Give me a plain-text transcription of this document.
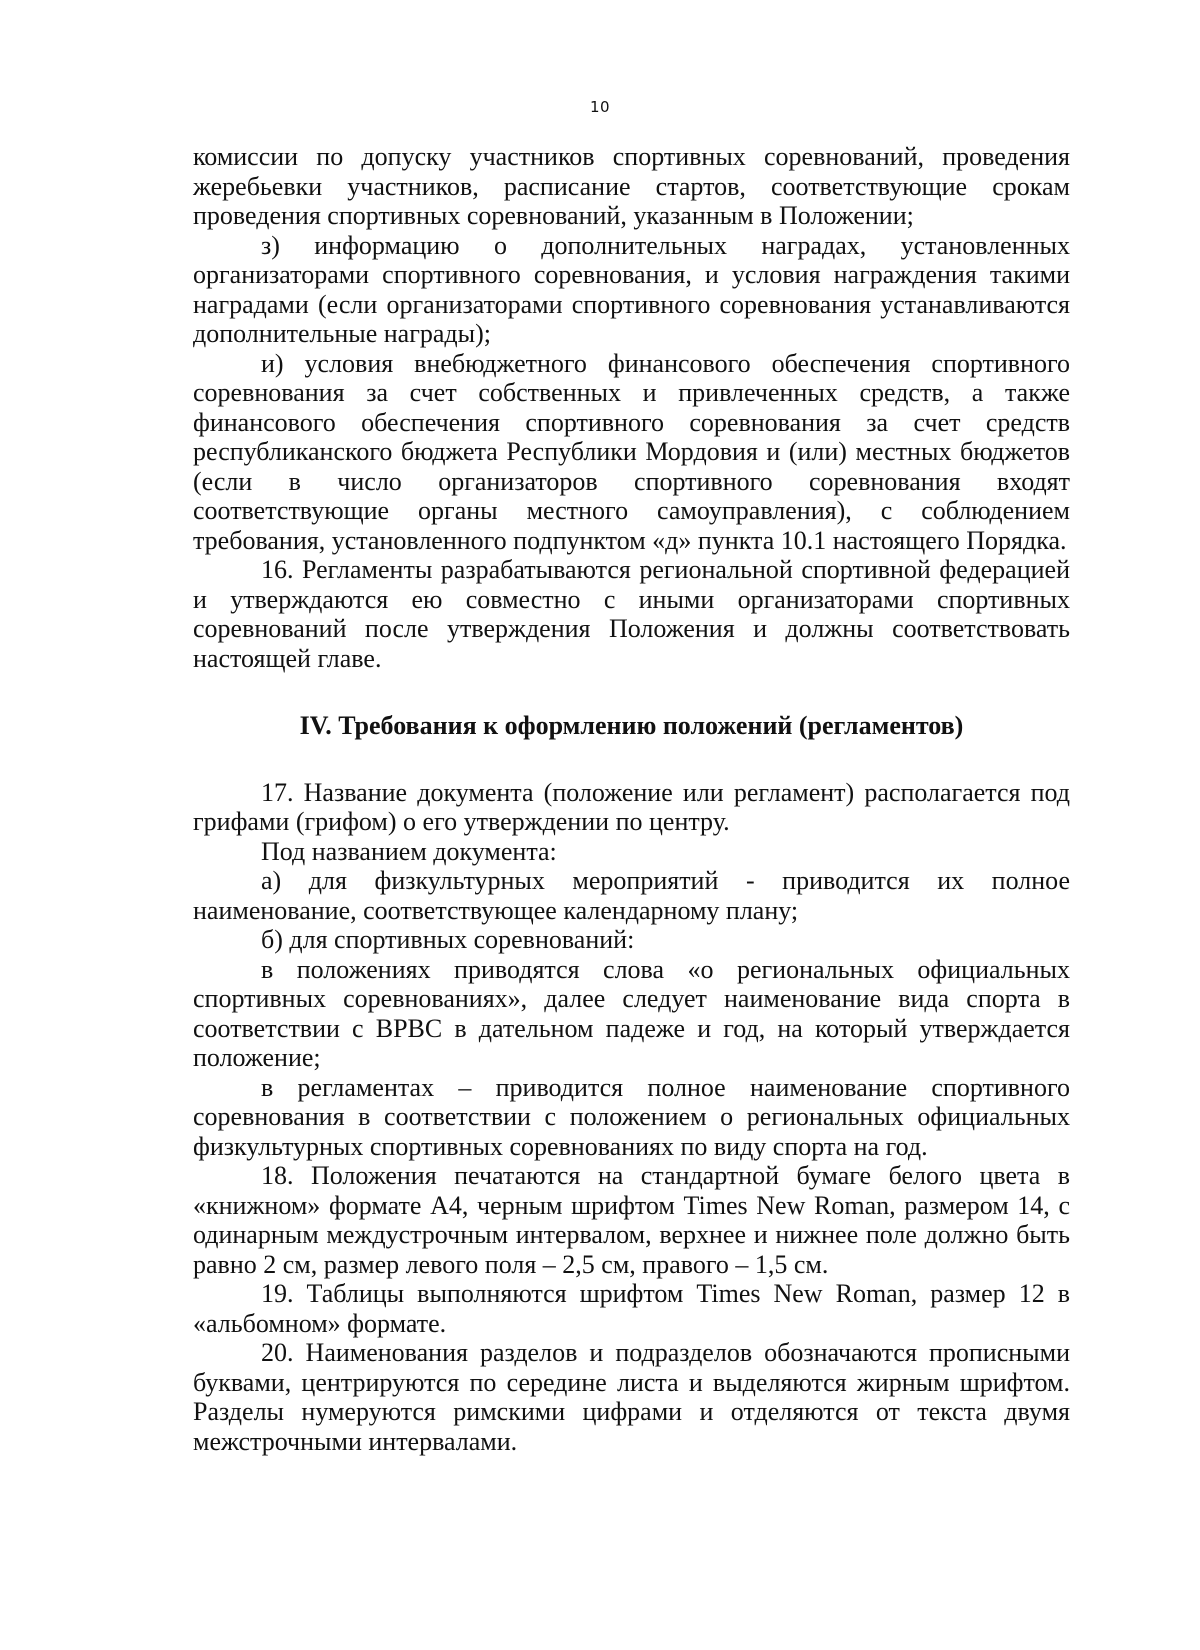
10

комиссии по допуску участников спортивных соревнований, проведения жеребьевки участников, расписание стартов, соответствующие срокам проведения спортивных соревнований, указанным в Положении;

з) информацию о дополнительных наградах, установленных организаторами спортивного соревнования, и условия награждения такими наградами (если организаторами спортивного соревнования устанавливаются дополнительные награды);

и) условия внебюджетного финансового обеспечения спортивного соревнования за счет собственных и привлеченных средств, а также финансового обеспечения спортивного соревнования за счет средств республиканского бюджета Республики Мордовия и (или) местных бюджетов (если в число организаторов спортивного соревнования входят соответствующие органы местного самоуправления), с соблюдением требования, установленного подпунктом «д» пункта 10.1 настоящего Порядка.

16. Регламенты разрабатываются региональной спортивной федерацией и утверждаются ею совместно с иными организаторами спортивных соревнований после утверждения Положения и должны соответствовать настоящей главе.

IV. Требования к оформлению положений (регламентов)

17. Название документа (положение или регламент) располагается под грифами (грифом) о его утверждении по центру.

Под названием документа:

а) для физкультурных мероприятий - приводится их полное наименование, соответствующее календарному плану;

б) для спортивных соревнований:

в положениях приводятся слова «о региональных официальных спортивных соревнованиях», далее следует наименование вида спорта в соответствии с ВРВС в дательном падеже и год, на который утверждается положение;

в регламентах – приводится полное наименование спортивного соревнования в соответствии с положением о региональных официальных физкультурных спортивных соревнованиях по виду спорта на год.

18. Положения печатаются на стандартной бумаге белого цвета в «книжном» формате А4, черным шрифтом Times New Roman, размером 14, с одинарным междустрочным интервалом, верхнее и нижнее поле должно быть равно 2 см, размер левого поля – 2,5 см, правого – 1,5 см.

19. Таблицы выполняются шрифтом Times New Roman, размер 12 в «альбомном» формате.

20. Наименования разделов и подразделов обозначаются прописными буквами, центрируются по середине листа и выделяются жирным шрифтом. Разделы нумеруются римскими цифрами и отделяются от текста двумя межстрочными интервалами.
